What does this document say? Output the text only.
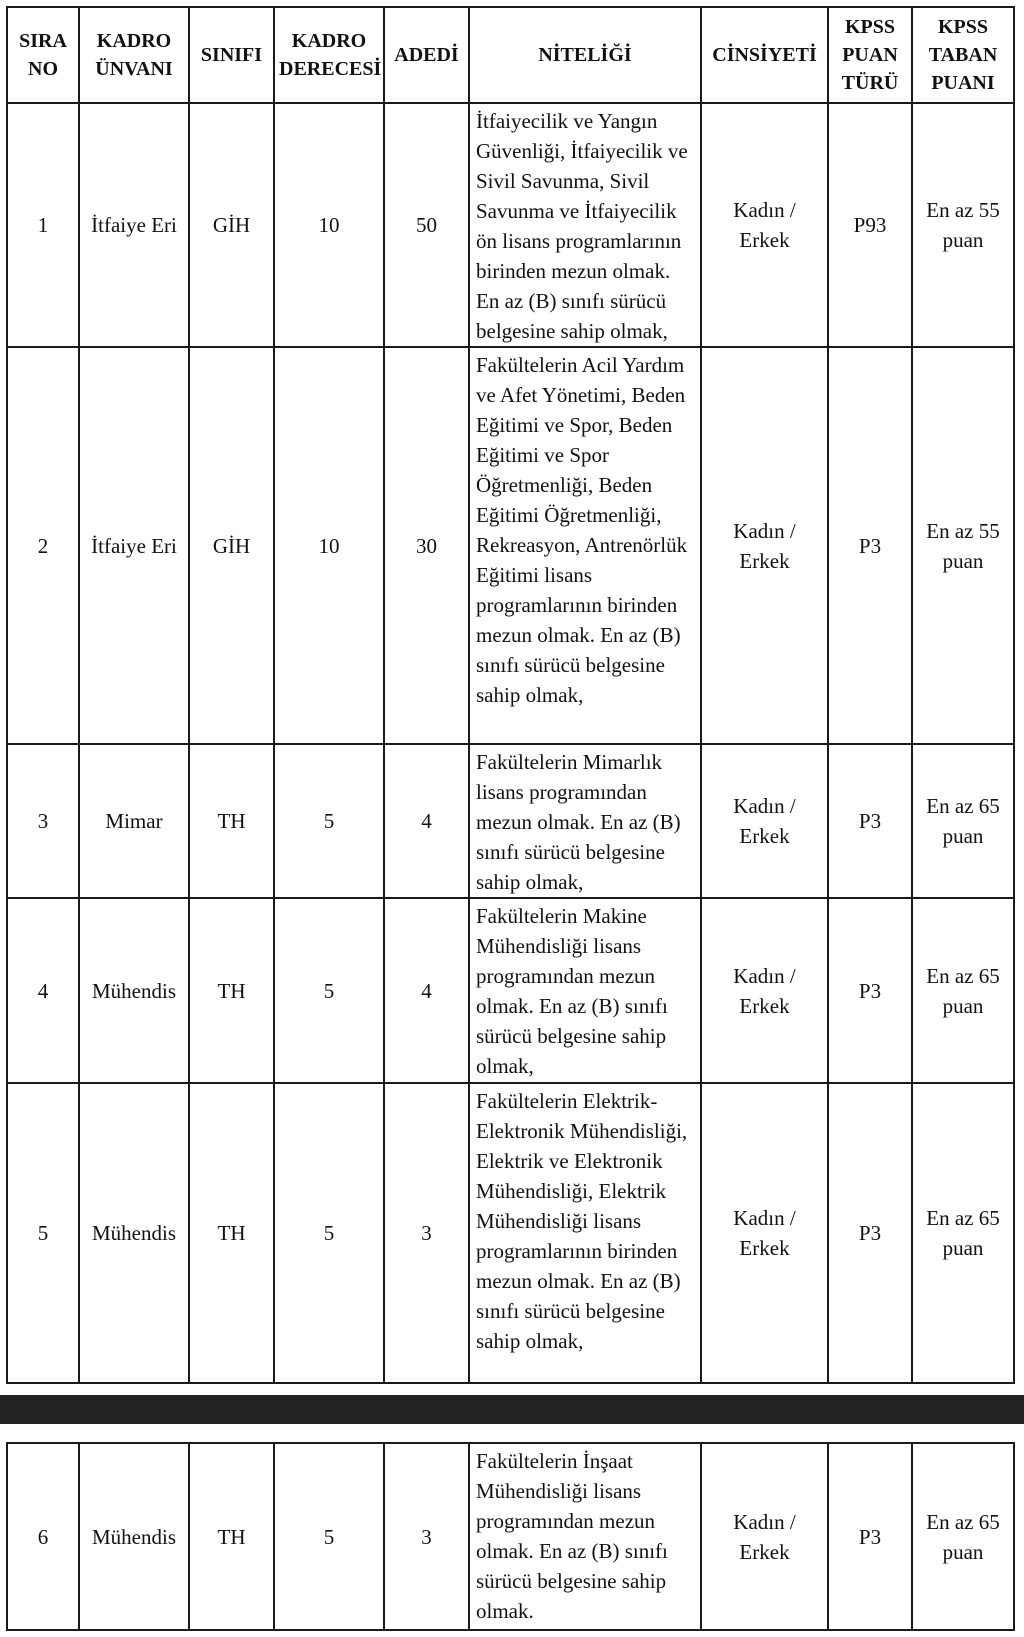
SIRA NO	KADRO ÜNVANI	SINIFI	KADRO DERECESİ	ADEDİ	NİTELİĞİ	CİNSİYETİ	KPSS PUAN TÜRÜ	KPSS TABAN PUANI
1	İtfaiye Eri	GİH	10	50	İtfaiyecilik ve Yangın Güvenliği, İtfaiyecilik ve Sivil Savunma, Sivil Savunma ve İtfaiyecilik ön lisans programlarının birinden mezun olmak. En az (B) sınıfı sürücü belgesine sahip olmak,	Kadın / Erkek	P93	En az 55 puan
2	İtfaiye Eri	GİH	10	30	Fakültelerin Acil Yardım ve Afet Yönetimi, Beden Eğitimi ve Spor, Beden Eğitimi ve Spor Öğretmenliği, Beden Eğitimi Öğretmenliği, Rekreasyon, Antrenörlük Eğitimi lisans programlarının birinden mezun olmak. En az (B) sınıfı sürücü belgesine sahip olmak,	Kadın / Erkek	P3	En az 55 puan
3	Mimar	TH	5	4	Fakültelerin Mimarlık lisans programından mezun olmak. En az (B) sınıfı sürücü belgesine sahip olmak,	Kadın / Erkek	P3	En az 65 puan
4	Mühendis	TH	5	4	Fakültelerin Makine Mühendisliği lisans programından mezun olmak. En az (B) sınıfı sürücü belgesine sahip olmak,	Kadın / Erkek	P3	En az 65 puan
5	Mühendis	TH	5	3	Fakültelerin Elektrik-Elektronik Mühendisliği, Elektrik ve Elektronik Mühendisliği, Elektrik Mühendisliği lisans programlarının birinden mezun olmak. En az (B) sınıfı sürücü belgesine sahip olmak,	Kadın / Erkek	P3	En az 65 puan
6	Mühendis	TH	5	3	Fakültelerin İnşaat Mühendisliği lisans programından mezun olmak. En az (B) sınıfı sürücü belgesine sahip olmak.	Kadın / Erkek	P3	En az 65 puan
